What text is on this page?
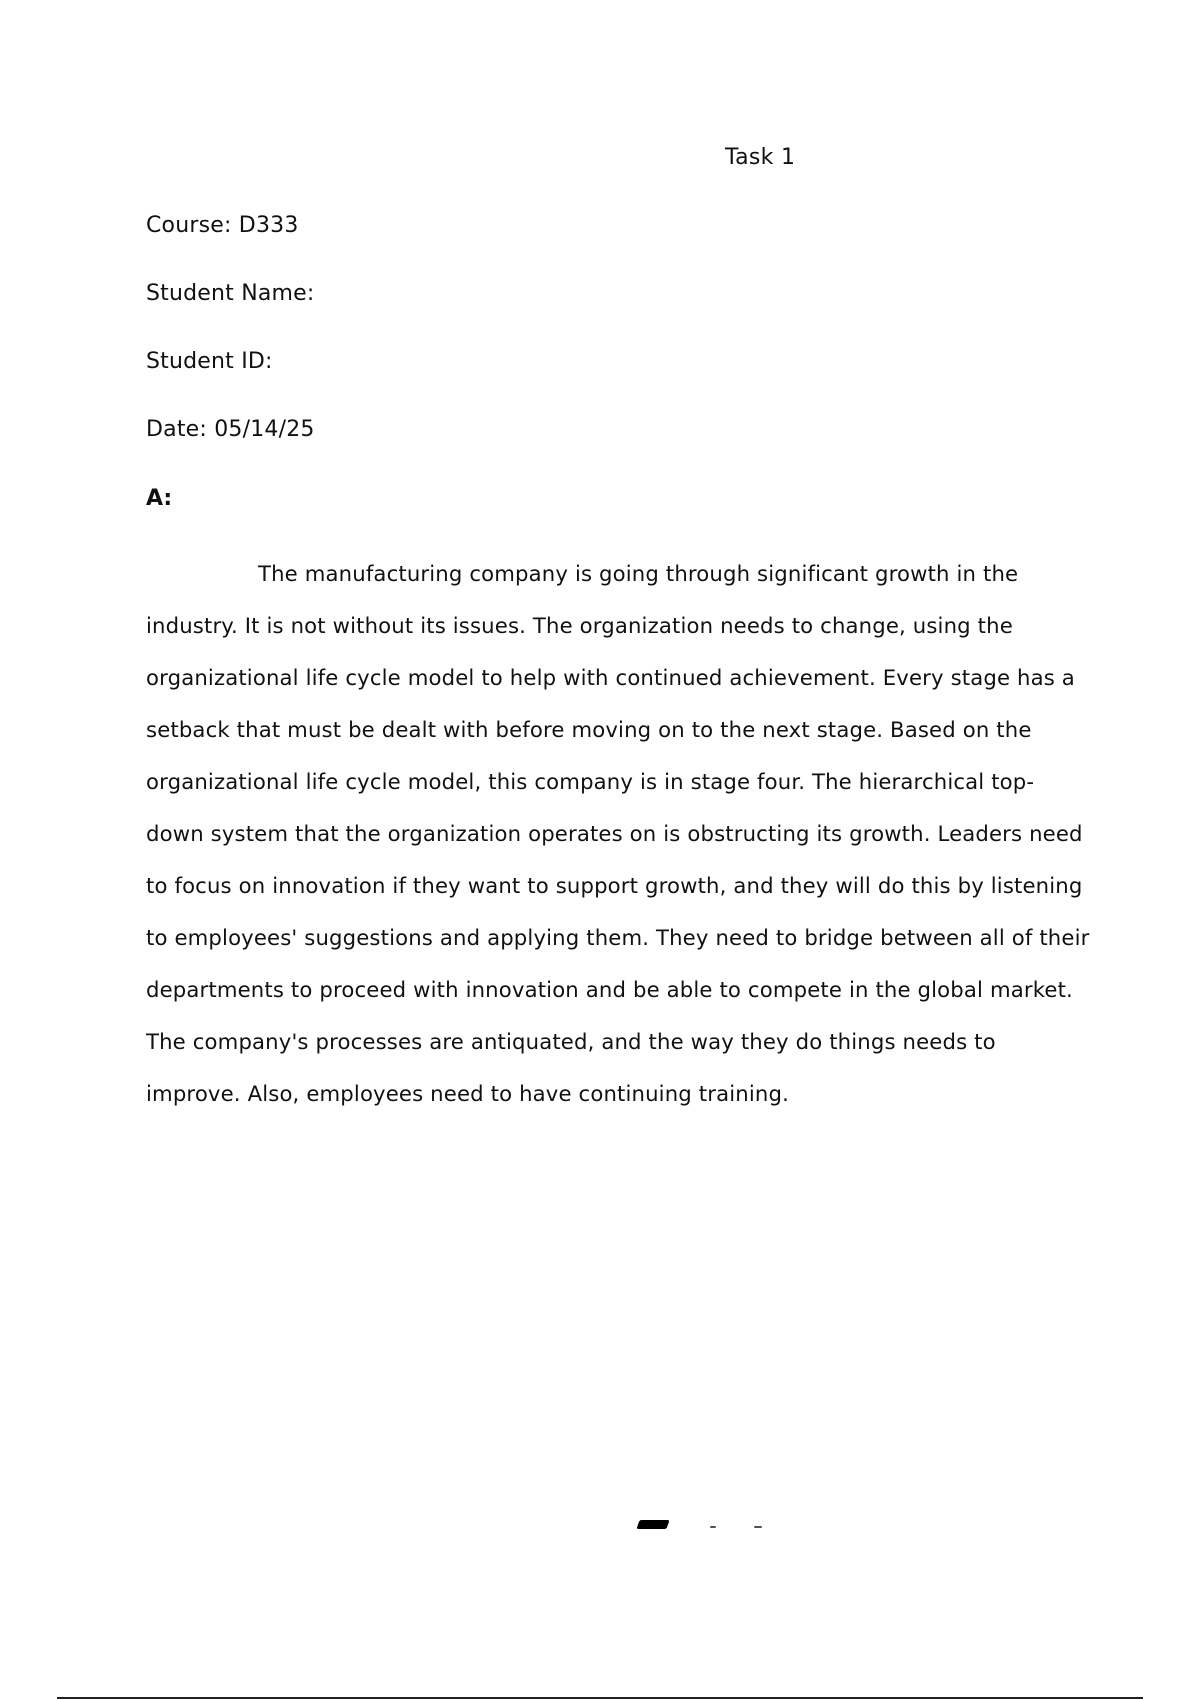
Task 1
Course: D333
Student Name:
Student ID:
Date: 05/14/25
A:

The manufacturing company is going through significant growth in the industry. It is not without its issues. The organization needs to change, using the organizational life cycle model to help with continued achievement. Every stage has a setback that must be dealt with before moving on to the next stage. Based on the organizational life cycle model, this company is in stage four. The hierarchical top-down system that the organization operates on is obstructing its growth. Leaders need to focus on innovation if they want to support growth, and they will do this by listening to employees' suggestions and applying them. They need to bridge between all of their departments to proceed with innovation and be able to compete in the global market. The company's processes are antiquated, and the way they do things needs to improve. Also, employees need to have continuing training.
